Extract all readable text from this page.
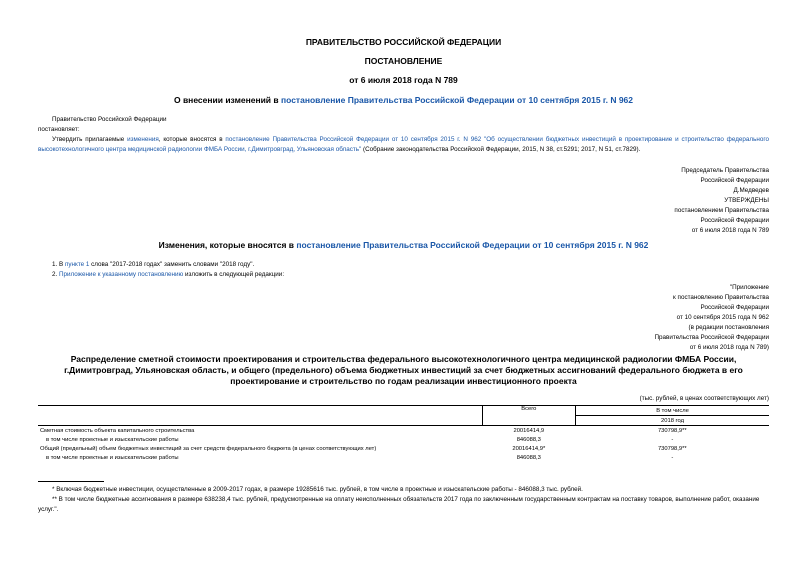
ПРАВИТЕЛЬСТВО РОССИЙСКОЙ ФЕДЕРАЦИИ
ПОСТАНОВЛЕНИЕ
от 6 июля 2018 года N 789
О внесении изменений в постановление Правительства Российской Федерации от 10 сентября 2015 г. N 962
Правительство Российской Федерации
постановляет:
Утвердить прилагаемые изменения, которые вносятся в постановление Правительства Российской Федерации от 10 сентября 2015 г. N 962 "Об осуществлении бюджетных инвестиций в проектирование и строительство федерального высокотехнологичного центра медицинской радиологии ФМБА России, г.Димитровград, Ульяновская область" (Собрание законодательства Российской Федерации, 2015, N 38, ст.5291; 2017, N 51, ст.7829).
Председатель Правительства
Российской Федерации
Д.Медведев
УТВЕРЖДЕНЫ
постановлением Правительства
Российской Федерации
от 6 июля 2018 года N 789
Изменения, которые вносятся в постановление Правительства Российской Федерации от 10 сентября 2015 г. N 962
1. В пункте 1 слова "2017-2018 годах" заменить словами "2018 году".
2. Приложение к указанному постановлению изложить в следующей редакции:
"Приложение
к постановлению Правительства
Российской Федерации
от 10 сентября 2015 года N 962
(в редакции постановления
Правительства Российской Федерации
от 6 июля 2018 года N 789)
Распределение сметной стоимости проектирования и строительства федерального высокотехнологичного центра медицинской радиологии ФМБА России, г.Димитровград, Ульяновская область, и общего (предельного) объема бюджетных инвестиций за счет бюджетных ассигнований федерального бюджета в его проектирование и строительство по годам реализации инвестиционного проекта
(тыс. рублей, в ценах соответствующих лет)
	Всего	В том числе
		2018 год
Сметная стоимость объекта капитального строительства	20016414,9	730798,9**
в том числе проектные и изыскательские работы	846088,3	-
Общий (предельный) объем бюджетных инвестиций за счет средств федерального бюджета (в ценах соответствующих лет)	20016414,9*	730798,9**
в том числе проектные и изыскательские работы	846088,3	-
* Включая бюджетные инвестиции, осуществленные в 2009-2017 годах, в размере 19285616 тыс. рублей, в том числе в проектные и изыскательские работы - 846088,3 тыс. рублей.
** В том числе бюджетные ассигнования в размере 638238,4 тыс. рублей, предусмотренные на оплату неисполненных обязательств 2017 года по заключенным государственным контрактам на поставку товаров, выполнение работ, оказание услуг.".
